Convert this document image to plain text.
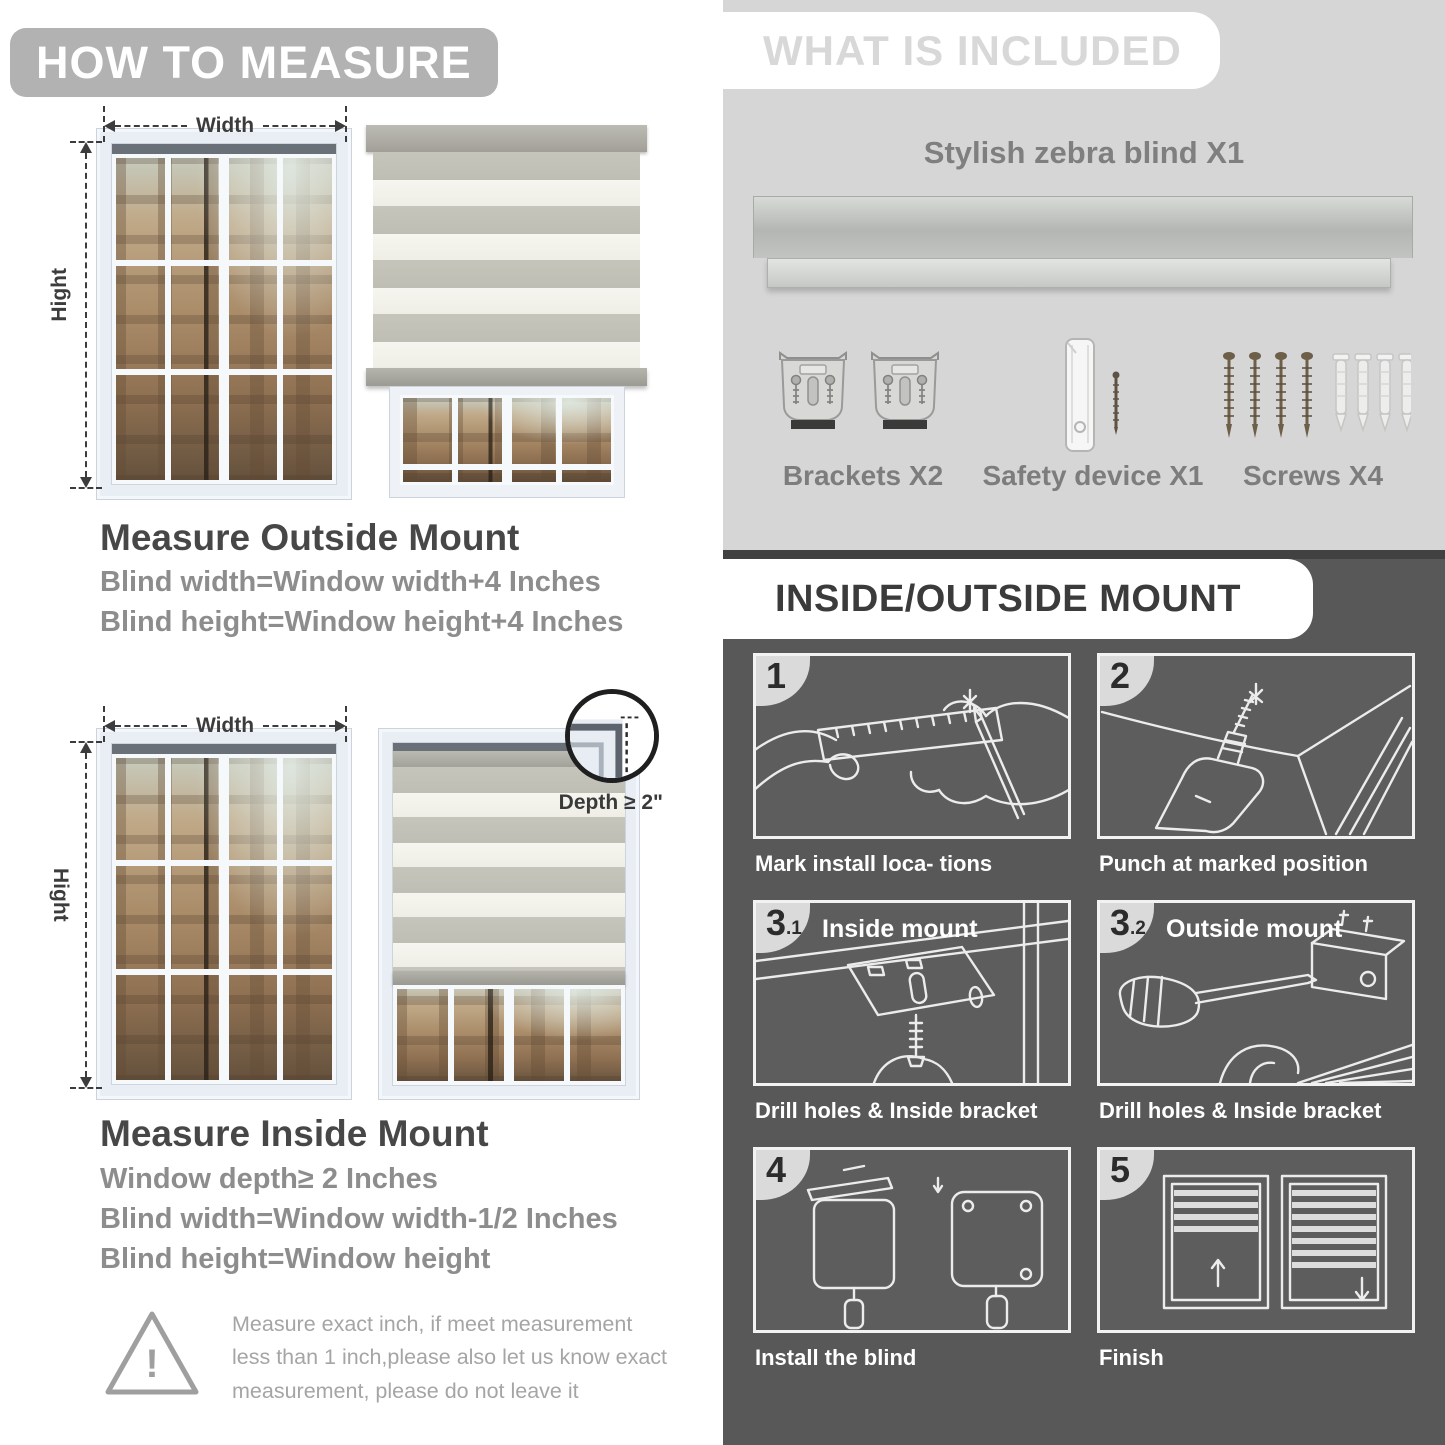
HOW TO MEASURE
Width
Hight
Measure Outside Mount
Blind width=Window width+4 Inches
Blind height=Window height+4 Inches
Width
Hight
Depth ≥ 2"
Measure Inside Mount
Window depth≥ 2 Inches
Blind width=Window width-1/2 Inches
Blind height=Window height
!
Measure exact inch, if meet measurement less than 1 inch,please also let us know exact measurement, please do not leave it
WHAT IS INCLUDED
Stylish zebra blind X1
Brackets X2	Safety device X1	Screws X4
INSIDE/OUTSIDE MOUNT
1
Mark install loca- tions
2
Punch at marked position
3 .1 Inside mount
Drill holes & Inside bracket
3 .2 Outside mount
Drill holes & Inside bracket
4
Install the blind
5
Finish
